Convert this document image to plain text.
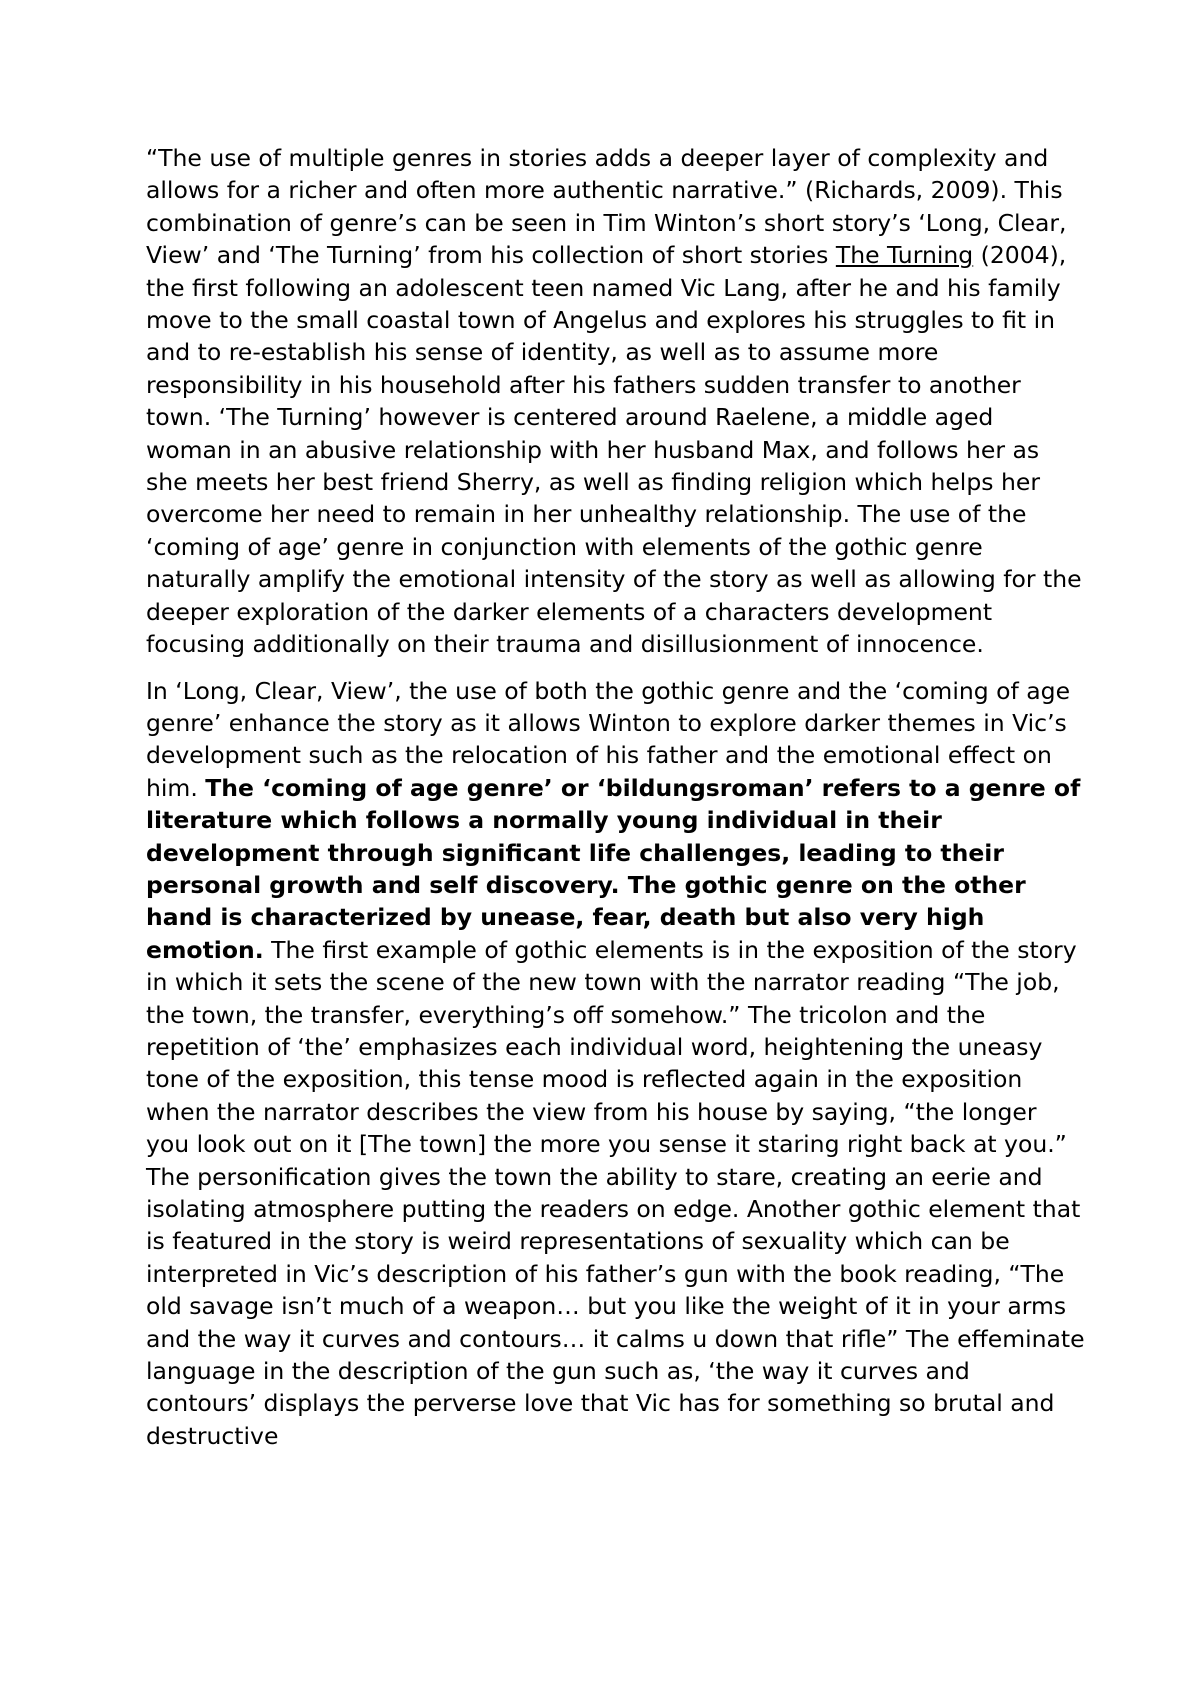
“The use of multiple genres in stories adds a deeper layer of complexity and allows for a richer and often more authentic narrative.” (Richards, 2009). This combination of genre’s can be seen in Tim Winton’s short story’s ‘Long, Clear, View’ and ‘The Turning’ from his collection of short stories The Turning (2004), the first following an adolescent teen named Vic Lang, after he and his family move to the small coastal town of Angelus and explores his struggles to fit in and to re-establish his sense of identity, as well as to assume more responsibility in his household after his fathers sudden transfer to another town. ‘The Turning’ however is centered around Raelene, a middle aged woman in an abusive relationship with her husband Max, and follows her as she meets her best friend Sherry, as well as finding religion which helps her overcome her need to remain in her unhealthy relationship. The use of the ‘coming of age’ genre in conjunction with elements of the gothic genre naturally amplify the emotional intensity of the story as well as allowing for the deeper exploration of the darker elements of a characters development focusing additionally on their trauma and disillusionment of innocence.

In ‘Long, Clear, View’, the use of both the gothic genre and the ‘coming of age genre’ enhance the story as it allows Winton to explore darker themes in Vic’s development such as the relocation of his father and the emotional effect on him. The ‘coming of age genre’ or ‘bildungsroman’ refers to a genre of literature which follows a normally young individual in their development through significant life challenges, leading to their personal growth and self discovery. The gothic genre on the other hand is characterized by unease, fear, death but also very high emotion. The first example of gothic elements is in the exposition of the story in which it sets the scene of the new town with the narrator reading “The job, the town, the transfer, everything’s off somehow.” The tricolon and the repetition of ‘the’ emphasizes each individual word, heightening the uneasy tone of the exposition, this tense mood is reflected again in the exposition when the narrator describes the view from his house by saying, “the longer you look out on it [The town] the more you sense it staring right back at you.” The personification gives the town the ability to stare, creating an eerie and isolating atmosphere putting the readers on edge. Another gothic element that is featured in the story is weird representations of sexuality which can be interpreted in Vic’s description of his father’s gun with the book reading, “The old savage isn’t much of a weapon… but you like the weight of it in your arms and the way it curves and contours… it calms u down that rifle” The effeminate language in the description of the gun such as, ‘the way it curves and contours’ displays the perverse love that Vic has for something so brutal and destructive
